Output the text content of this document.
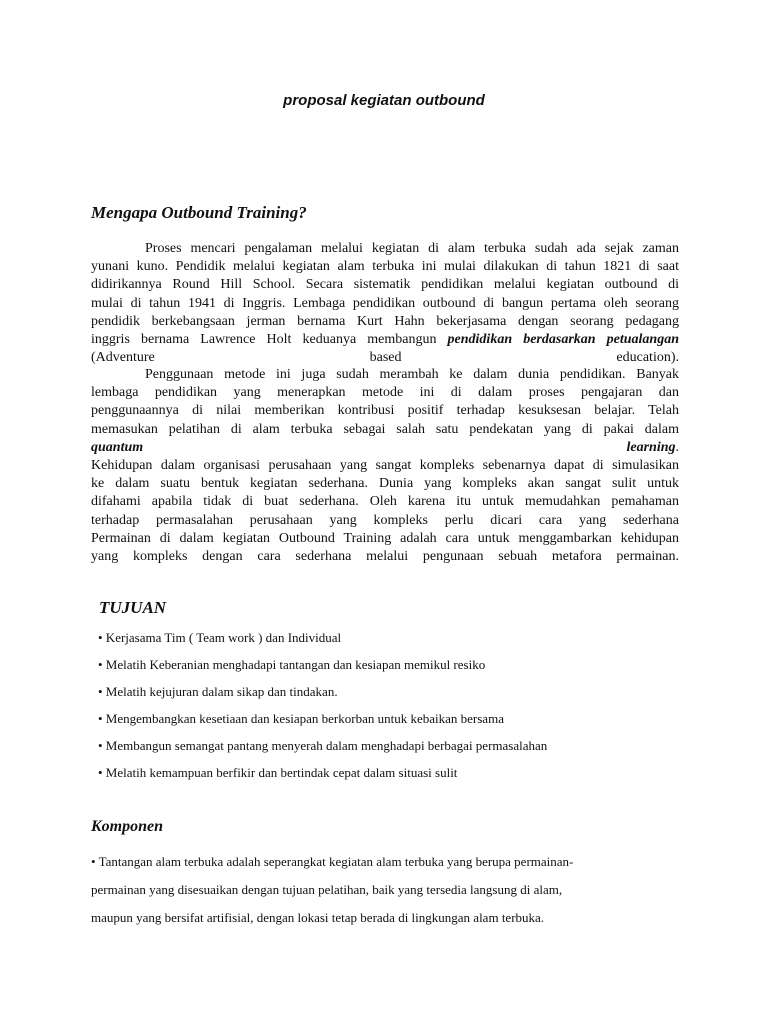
proposal kegiatan outbound
Mengapa Outbound Training?
Proses mencari pengalaman melalui kegiatan di alam terbuka sudah ada sejak zaman
yunani kuno. Pendidik melalui kegiatan alam terbuka ini mulai dilakukan di tahun 1821 di saat
didirikannya Round Hill School. Secara sistematik pendidikan melalui kegiatan outbound di
mulai di tahun 1941 di Inggris. Lembaga pendidikan outbound di bangun pertama oleh seorang
pendidik berkebangsaan jerman bernama Kurt Hahn bekerjasama dengan seorang pedagang
inggris bernama Lawrence Holt keduanya membangun pendidikan berdasarkan petualangan
(Adventure based education).
Penggunaan metode ini juga sudah merambah ke dalam dunia pendidikan. Banyak
lembaga pendidikan yang menerapkan metode ini di dalam proses pengajaran dan
penggunaannya di nilai memberikan kontribusi positif terhadap kesuksesan belajar. Telah
memasukan pelatihan di alam terbuka sebagai salah satu pendekatan yang di pakai dalam
quantum learning.
Kehidupan dalam organisasi perusahaan yang sangat kompleks sebenarnya dapat di simulasikan
ke dalam suatu bentuk kegiatan sederhana. Dunia yang kompleks akan sangat sulit untuk
difahami apabila tidak di buat sederhana. Oleh karena itu untuk memudahkan pemahaman
terhadap permasalahan perusahaan yang kompleks perlu dicari cara yang sederhana
Permainan di dalam kegiatan Outbound Training adalah cara untuk menggambarkan kehidupan
yang kompleks dengan cara sederhana melalui pengunaan sebuah metafora permainan.
TUJUAN
• Kerjasama Tim ( Team work ) dan Individual
• Melatih Keberanian menghadapi tantangan dan kesiapan memikul resiko
• Melatih kejujuran dalam sikap dan tindakan.
• Mengembangkan kesetiaan dan kesiapan berkorban untuk kebaikan bersama
• Membangun semangat pantang menyerah dalam menghadapi berbagai permasalahan
• Melatih kemampuan berfikir dan bertindak cepat dalam situasi sulit
Komponen
• Tantangan alam terbuka adalah seperangkat kegiatan alam terbuka yang berupa permainan-
permainan yang disesuaikan dengan tujuan pelatihan, baik yang tersedia langsung di alam,
maupun yang bersifat artifisial, dengan lokasi tetap berada di lingkungan alam terbuka.
